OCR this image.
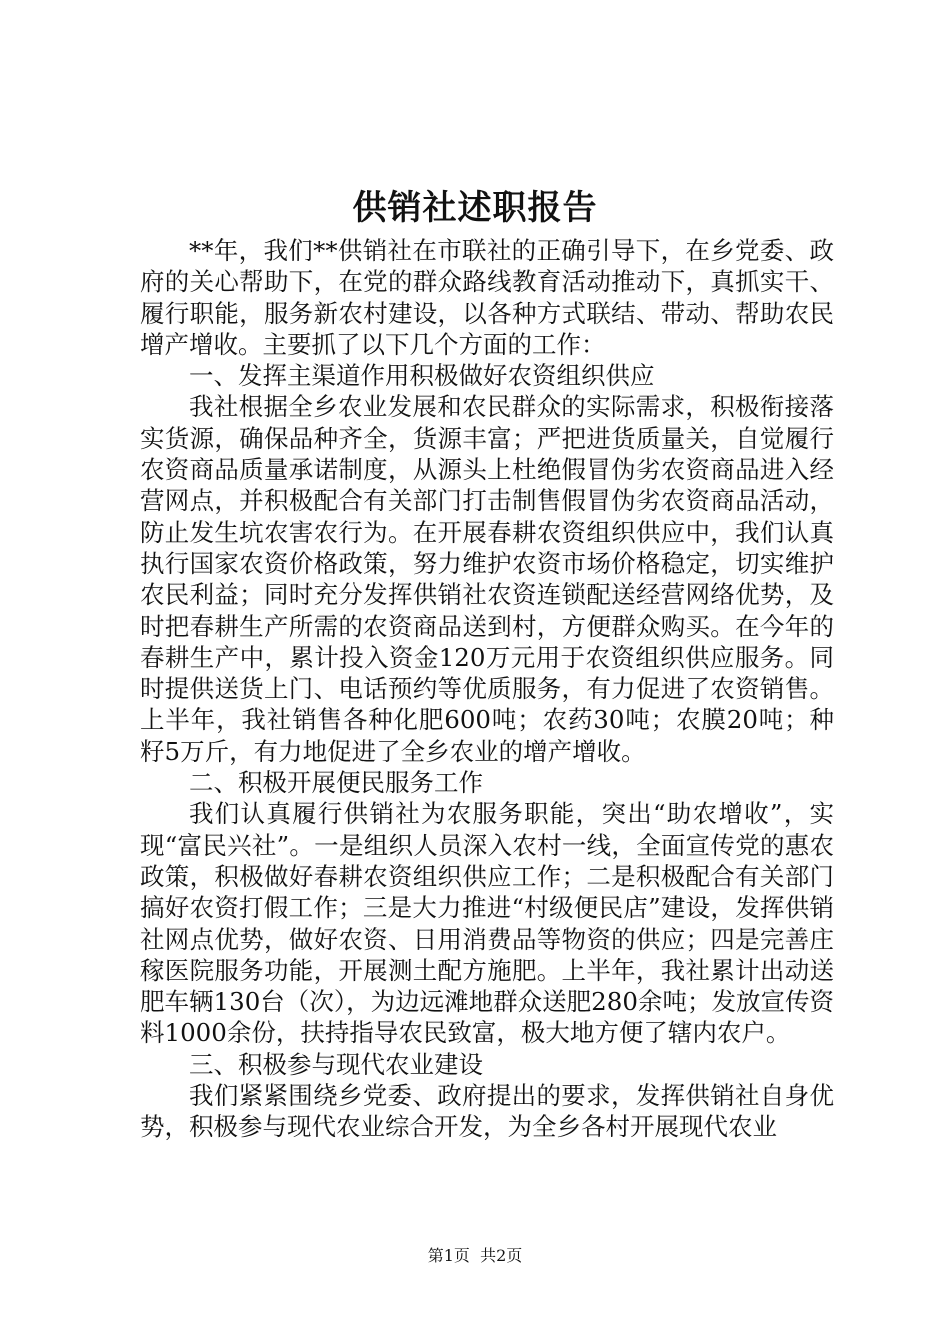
供销社述职报告

**年，我们**供销社在市联社的正确引导下，在乡党委、政府的关心帮助下，在党的群众路线教育活动推动下，真抓实干、履行职能，服务新农村建设，以各种方式联结、带动、帮助农民增产增收。主要抓了以下几个方面的工作：

一、发挥主渠道作用积极做好农资组织供应

我社根据全乡农业发展和农民群众的实际需求，积极衔接落实货源，确保品种齐全，货源丰富；严把进货质量关，自觉履行农资商品质量承诺制度，从源头上杜绝假冒伪劣农资商品进入经营网点，并积极配合有关部门打击制售假冒伪劣农资商品活动，防止发生坑农害农行为。在开展春耕农资组织供应中，我们认真执行国家农资价格政策，努力维护农资市场价格稳定，切实维护农民利益；同时充分发挥供销社农资连锁配送经营网络优势，及时把春耕生产所需的农资商品送到村，方便群众购买。在今年的春耕生产中，累计投入资金120万元用于农资组织供应服务。同时提供送货上门、电话预约等优质服务，有力促进了农资销售。上半年，我社销售各种化肥600吨；农药30吨；农膜20吨；种籽5万斤，有力地促进了全乡农业的增产增收。

二、积极开展便民服务工作

我们认真履行供销社为农服务职能，突出“助农增收”，实现“富民兴社”。一是组织人员深入农村一线，全面宣传党的惠农政策，积极做好春耕农资组织供应工作；二是积极配合有关部门搞好农资打假工作；三是大力推进“村级便民店”建设，发挥供销社网点优势，做好农资、日用消费品等物资的供应；四是完善庄稼医院服务功能，开展测土配方施肥。上半年，我社累计出动送肥车辆130台（次），为边远滩地群众送肥280余吨；发放宣传资料1000余份，扶持指导农民致富，极大地方便了辖内农户。

三、积极参与现代农业建设

我们紧紧围绕乡党委、政府提出的要求，发挥供销社自身优势，积极参与现代农业综合开发，为全乡各村开展现代农业

第1页  共2页
